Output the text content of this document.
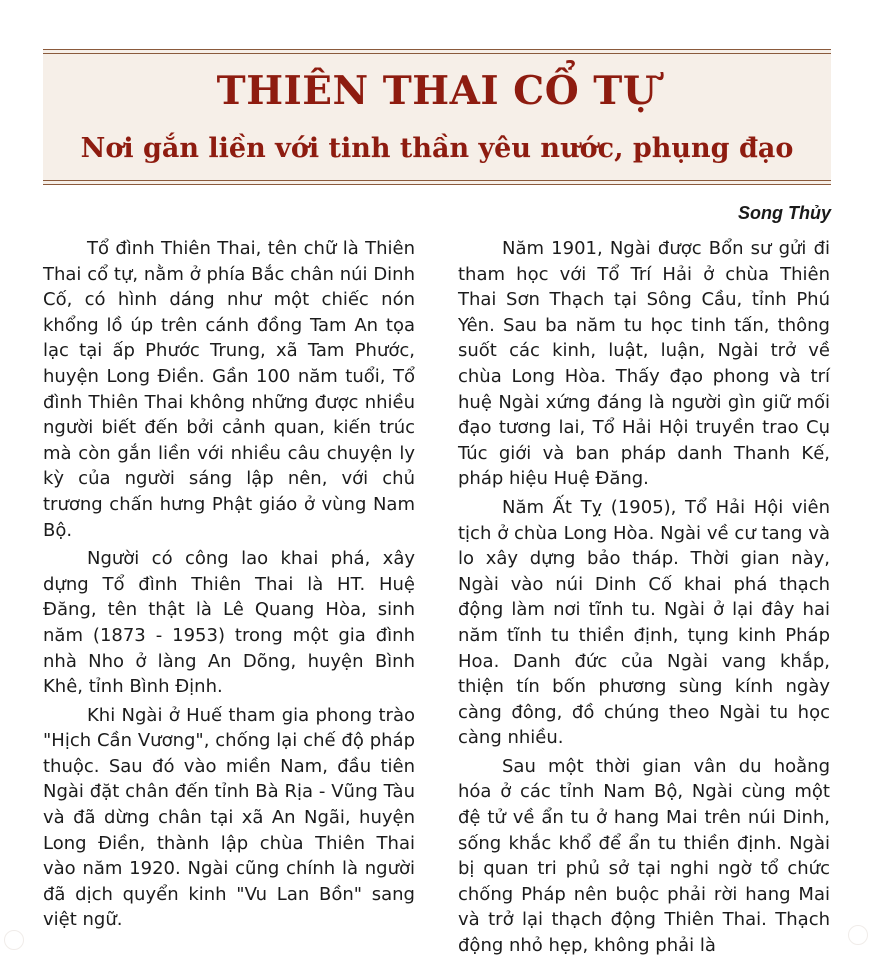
THIÊN THAI CỔ TỰ
Nơi gắn liền với tinh thần yêu nước, phụng đạo
Song Thủy

Tổ đình Thiên Thai, tên chữ là Thiên Thai cổ tự, nằm ở phía Bắc chân núi Dinh Cố, có hình dáng như một chiếc nón khổng lồ úp trên cánh đồng Tam An tọa lạc tại ấp Phước Trung, xã Tam Phước, huyện Long Điền. Gần 100 năm tuổi, Tổ đình Thiên Thai không những được nhiều người biết đến bởi cảnh quan, kiến trúc mà còn gắn liền với nhiều câu chuyện ly kỳ của người sáng lập nên, với chủ trương chấn hưng Phật giáo ở vùng Nam Bộ.

Người có công lao khai phá, xây dựng Tổ đình Thiên Thai là HT. Huệ Đăng, tên thật là Lê Quang Hòa, sinh năm (1873 - 1953) trong một gia đình nhà Nho ở làng An Dõng, huyện Bình Khê, tỉnh Bình Định.

Khi Ngài ở Huế tham gia phong trào "Hịch Cần Vương", chống lại chế độ pháp thuộc. Sau đó vào miền Nam, đầu tiên Ngài đặt chân đến tỉnh Bà Rịa - Vũng Tàu và đã dừng chân tại xã An Ngãi, huyện Long Điền, thành lập chùa Thiên Thai vào năm 1920. Ngài cũng chính là người đã dịch quyển kinh "Vu Lan Bồn" sang việt ngữ.

Năm 1901, Ngài được Bổn sư gửi đi tham học với Tổ Trí Hải ở chùa Thiên Thai Sơn Thạch tại Sông Cầu, tỉnh Phú Yên. Sau ba năm tu học tinh tấn, thông suốt các kinh, luật, luận, Ngài trở về chùa Long Hòa. Thấy đạo phong và trí huệ Ngài xứng đáng là người gìn giữ mối đạo tương lai, Tổ Hải Hội truyền trao Cụ Túc giới và ban pháp danh Thanh Kế, pháp hiệu Huệ Đăng.

Năm Ất Tỵ (1905), Tổ Hải Hội viên tịch ở chùa Long Hòa. Ngài về cư tang và lo xây dựng bảo tháp. Thời gian này, Ngài vào núi Dinh Cố khai phá thạch động làm nơi tĩnh tu. Ngài ở lại đây hai năm tĩnh tu thiền định, tụng kinh Pháp Hoa. Danh đức của Ngài vang khắp, thiện tín bốn phương sùng kính ngày càng đông, đồ chúng theo Ngài tu học càng nhiều.

Sau một thời gian vân du hoằng hóa ở các tỉnh Nam Bộ, Ngài cùng một đệ tử về ẩn tu ở hang Mai trên núi Dinh, sống khắc khổ để ẩn tu thiền định. Ngài bị quan tri phủ sở tại nghi ngờ tổ chức chống Pháp nên buộc phải rời hang Mai và trở lại thạch động Thiên Thai. Thạch động nhỏ hẹp, không phải là
